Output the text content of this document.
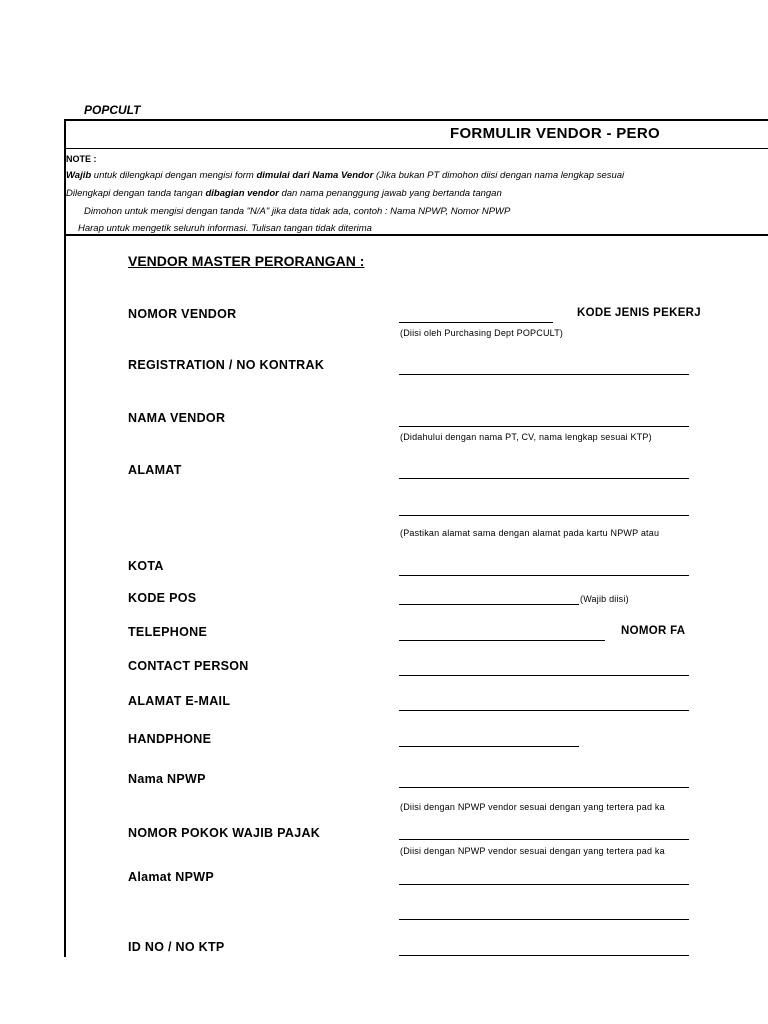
POPCULT
FORMULIR VENDOR - PERO
NOTE :
Wajib untuk dilengkapi dengan mengisi form dimulai dari Nama Vendor (Jika bukan PT dimohon diisi dengan nama lengkap sesuai
Dilengkapi dengan tanda tangan dibagian vendor dan nama penanggung jawab yang bertanda tangan
Dimohon untuk mengisi dengan tanda "N/A" jika data tidak ada, contoh : Nama NPWP, Nomor NPWP
Harap untuk mengetik seluruh informasi. Tulisan tangan tidak diterima
VENDOR MASTER PERORANGAN :
NOMOR VENDOR	KODE JENIS PEKERJ
(Diisi oleh Purchasing Dept POPCULT)
REGISTRATION / NO KONTRAK
NAMA VENDOR
(Didahului dengan nama PT, CV, nama lengkap sesuai KTP)
ALAMAT
(Pastikan alamat sama dengan alamat pada kartu NPWP atau
KOTA
KODE POS	(Wajib diisi)
TELEPHONE	NOMOR FA
CONTACT PERSON
ALAMAT E-MAIL
HANDPHONE
Nama NPWP
(Diisi dengan NPWP vendor sesuai dengan yang tertera pad ka
NOMOR POKOK WAJIB PAJAK
(Diisi dengan NPWP vendor sesuai dengan yang tertera pad ka
Alamat NPWP
ID NO / NO KTP
